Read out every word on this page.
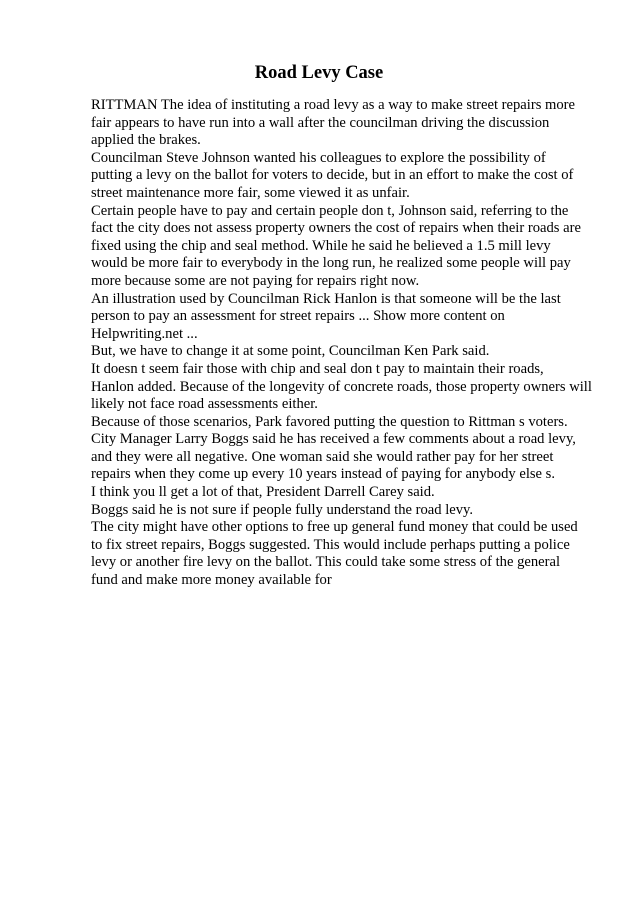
Road Levy Case
RITTMAN The idea of instituting a road levy as a way to make street repairs more
fair appears to have run into a wall after the councilman driving the discussion
applied the brakes.
Councilman Steve Johnson wanted his colleagues to explore the possibility of
putting a levy on the ballot for voters to decide, but in an effort to make the cost of
street maintenance more fair, some viewed it as unfair.
Certain people have to pay and certain people don t, Johnson said, referring to the
fact the city does not assess property owners the cost of repairs when their roads are
fixed using the chip and seal method. While he said he believed a 1.5 mill levy
would be more fair to everybody in the long run, he realized some people will pay
more because some are not paying for repairs right now.
An illustration used by Councilman Rick Hanlon is that someone will be the last
person to pay an assessment for street repairs ... Show more content on
Helpwriting.net ...
But, we have to change it at some point, Councilman Ken Park said.
It doesn t seem fair those with chip and seal don t pay to maintain their roads,
Hanlon added. Because of the longevity of concrete roads, those property owners will
likely not face road assessments either.
Because of those scenarios, Park favored putting the question to Rittman s voters.
City Manager Larry Boggs said he has received a few comments about a road levy,
and they were all negative. One woman said she would rather pay for her street
repairs when they come up every 10 years instead of paying for anybody else s.
I think you ll get a lot of that, President Darrell Carey said.
Boggs said he is not sure if people fully understand the road levy.
The city might have other options to free up general fund money that could be used
to fix street repairs, Boggs suggested. This would include perhaps putting a police
levy or another fire levy on the ballot. This could take some stress of the general
fund and make more money available for
